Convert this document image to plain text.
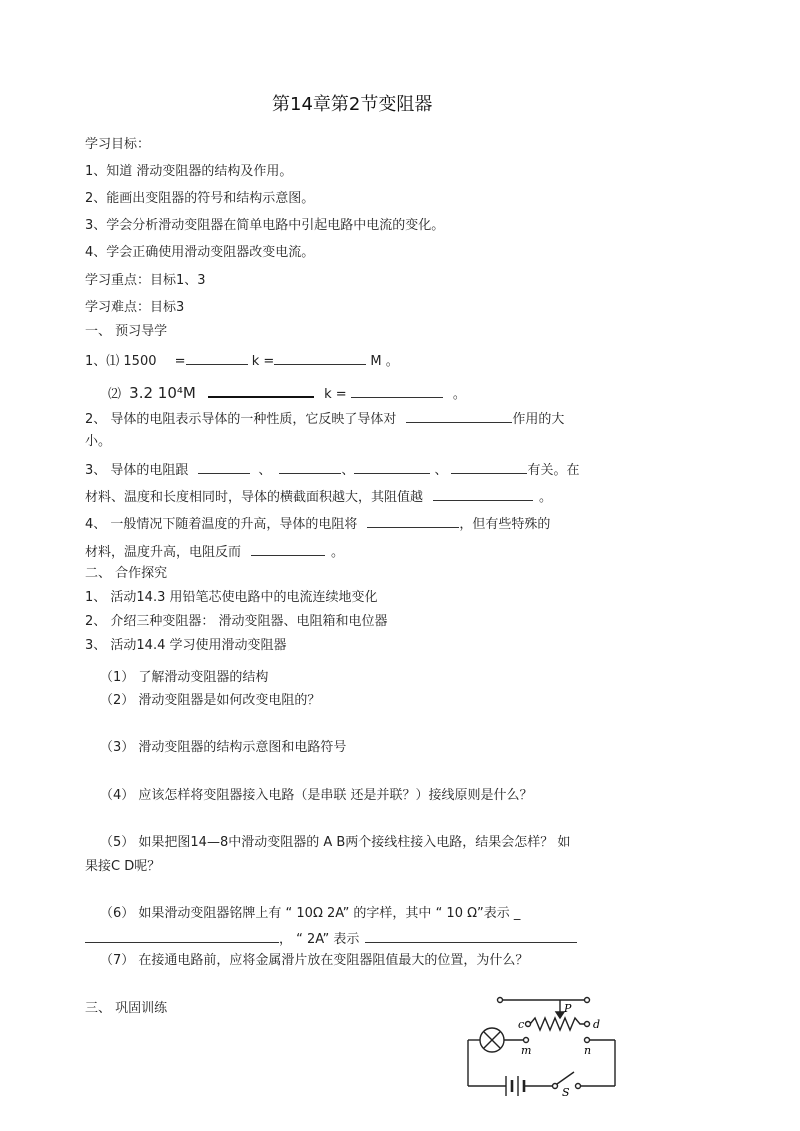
第14章第2节变阻器
学习目标：
1、知道 滑动变阻器的结构及作用。
2、能画出变阻器的符号和结构示意图。
3、学会分析滑动变阻器在简单电路中引起电路中电流的变化。
4、学会正确使用滑动变阻器改变电流。
学习重点：目标1、3
学习难点：目标3
一、 预习导学
1、⑴ 1500 =	k =	M 。
⑵ 3.2 10⁴M	k =	。
2、 导体的电阻表示导体的一种性质，它反映了导体对	作用的大
小。
3、 导体的电阻跟	、	、	、	有关。在
材料、温度和长度相同时，导体的横截面积越大，其阻值越	。
4、 一般情况下随着温度的升高，导体的电阻将	，但有些特殊的
材料，温度升高，电阻反而	。
二、 合作探究
1、 活动14.3 用铅笔芯使电路中的电流连续地变化
2、 介绍三种变阻器： 滑动变阻器、电阻箱和电位器
3、 活动14.4 学习使用滑动变阻器
（1） 了解滑动变阻器的结构
（2） 滑动变阻器是如何改变电阻的？
（3） 滑动变阻器的结构示意图和电路符号
（4） 应该怎样将变阻器接入电路（是串联 还是并联？）接线原则是什么？
（5） 如果把图14—8中滑动变阻器的 A B两个接线柱接入电路，结果会怎样？ 如
果接C D呢？
（6） 如果滑动变阻器铭牌上有 “ 10Ω 2A” 的字样，其中 “ 10 Ω”表示 _
， “ 2A” 表示
（7） 在接通电路前，应将金属滑片放在变阻器阻值最大的位置，为什么？
三、 巩固训练	P
c	d
m	n
S
